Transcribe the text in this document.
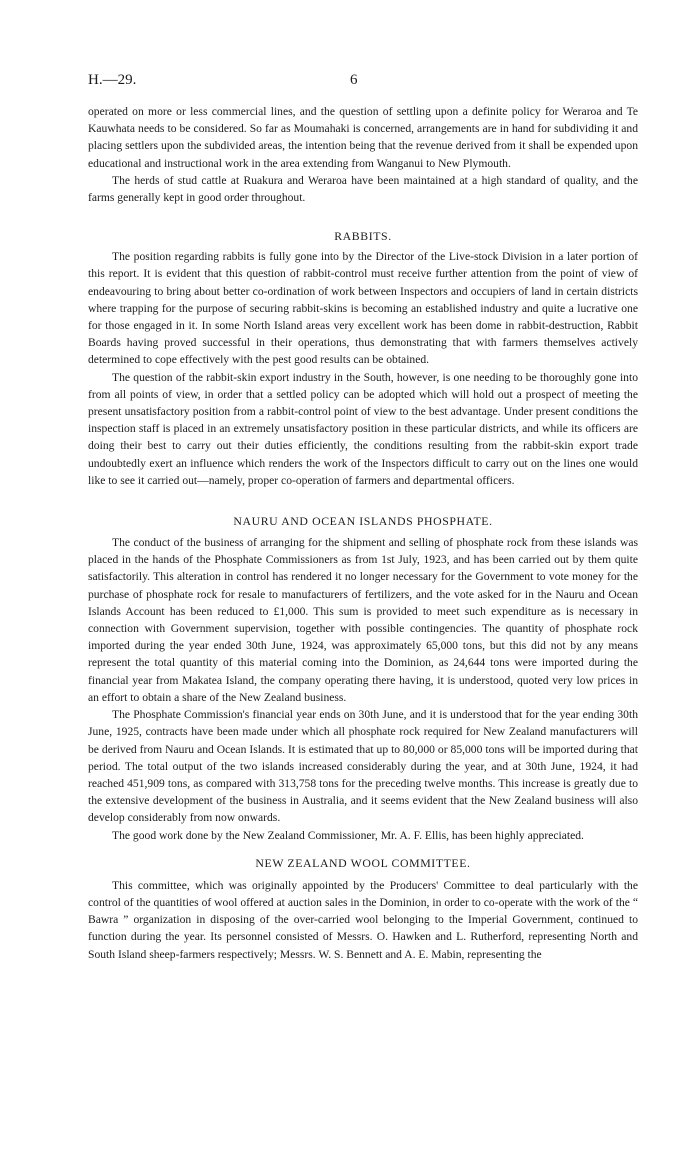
H.—29.	6

operated on more or less commercial lines, and the question of settling upon a definite policy for Weraroa and Te Kauwhata needs to be considered. So far as Moumahaki is concerned, arrangements are in hand for subdividing it and placing settlers upon the subdivided areas, the intention being that the revenue derived from it shall be expended upon educational and instructional work in the area extending from Wanganui to New Plymouth.

The herds of stud cattle at Ruakura and Weraroa have been maintained at a high standard of quality, and the farms generally kept in good order throughout.

RABBITS.

The position regarding rabbits is fully gone into by the Director of the Live-stock Division in a later portion of this report. It is evident that this question of rabbit-control must receive further attention from the point of view of endeavouring to bring about better co-ordination of work between Inspectors and occupiers of land in certain districts where trapping for the purpose of securing rabbit-skins is becoming an established industry and quite a lucrative one for those engaged in it. In some North Island areas very excellent work has been dome in rabbit-destruction, Rabbit Boards having proved successful in their operations, thus demonstrating that with farmers themselves actively determined to cope effectively with the pest good results can be obtained.

The question of the rabbit-skin export industry in the South, however, is one needing to be thoroughly gone into from all points of view, in order that a settled policy can be adopted which will hold out a prospect of meeting the present unsatisfactory position from a rabbit-control point of view to the best advantage. Under present conditions the inspection staff is placed in an extremely unsatisfactory position in these particular districts, and while its officers are doing their best to carry out their duties efficiently, the conditions resulting from the rabbit-skin export trade undoubtedly exert an influence which renders the work of the Inspectors difficult to carry out on the lines one would like to see it carried out—namely, proper co-operation of farmers and departmental officers.

NAURU AND OCEAN ISLANDS PHOSPHATE.

The conduct of the business of arranging for the shipment and selling of phosphate rock from these islands was placed in the hands of the Phosphate Commissioners as from 1st July, 1923, and has been carried out by them quite satisfactorily. This alteration in control has rendered it no longer necessary for the Government to vote money for the purchase of phosphate rock for resale to manufacturers of fertilizers, and the vote asked for in the Nauru and Ocean Islands Account has been reduced to £1,000. This sum is provided to meet such expenditure as is necessary in connection with Government supervision, together with possible contingencies. The quantity of phosphate rock imported during the year ended 30th June, 1924, was approximately 65,000 tons, but this did not by any means represent the total quantity of this material coming into the Dominion, as 24,644 tons were imported during the financial year from Makatea Island, the company operating there having, it is understood, quoted very low prices in an effort to obtain a share of the New Zealand business.

The Phosphate Commission's financial year ends on 30th June, and it is understood that for the year ending 30th June, 1925, contracts have been made under which all phosphate rock required for New Zealand manufacturers will be derived from Nauru and Ocean Islands. It is estimated that up to 80,000 or 85,000 tons will be imported during that period. The total output of the two islands increased considerably during the year, and at 30th June, 1924, it had reached 451,909 tons, as compared with 313,758 tons for the preceding twelve months. This increase is greatly due to the extensive development of the business in Australia, and it seems evident that the New Zealand business will also develop considerably from now onwards.

The good work done by the New Zealand Commissioner, Mr. A. F. Ellis, has been highly appreciated.

NEW ZEALAND WOOL COMMITTEE.

This committee, which was originally appointed by the Producers' Committee to deal particularly with the control of the quantities of wool offered at auction sales in the Dominion, in order to co-operate with the work of the “ Bawra ” organization in disposing of the over-carried wool belonging to the Imperial Government, continued to function during the year. Its personnel consisted of Messrs. O. Hawken and L. Rutherford, representing North and South Island sheep-farmers respectively; Messrs. W. S. Bennett and A. E. Mabin, representing the
